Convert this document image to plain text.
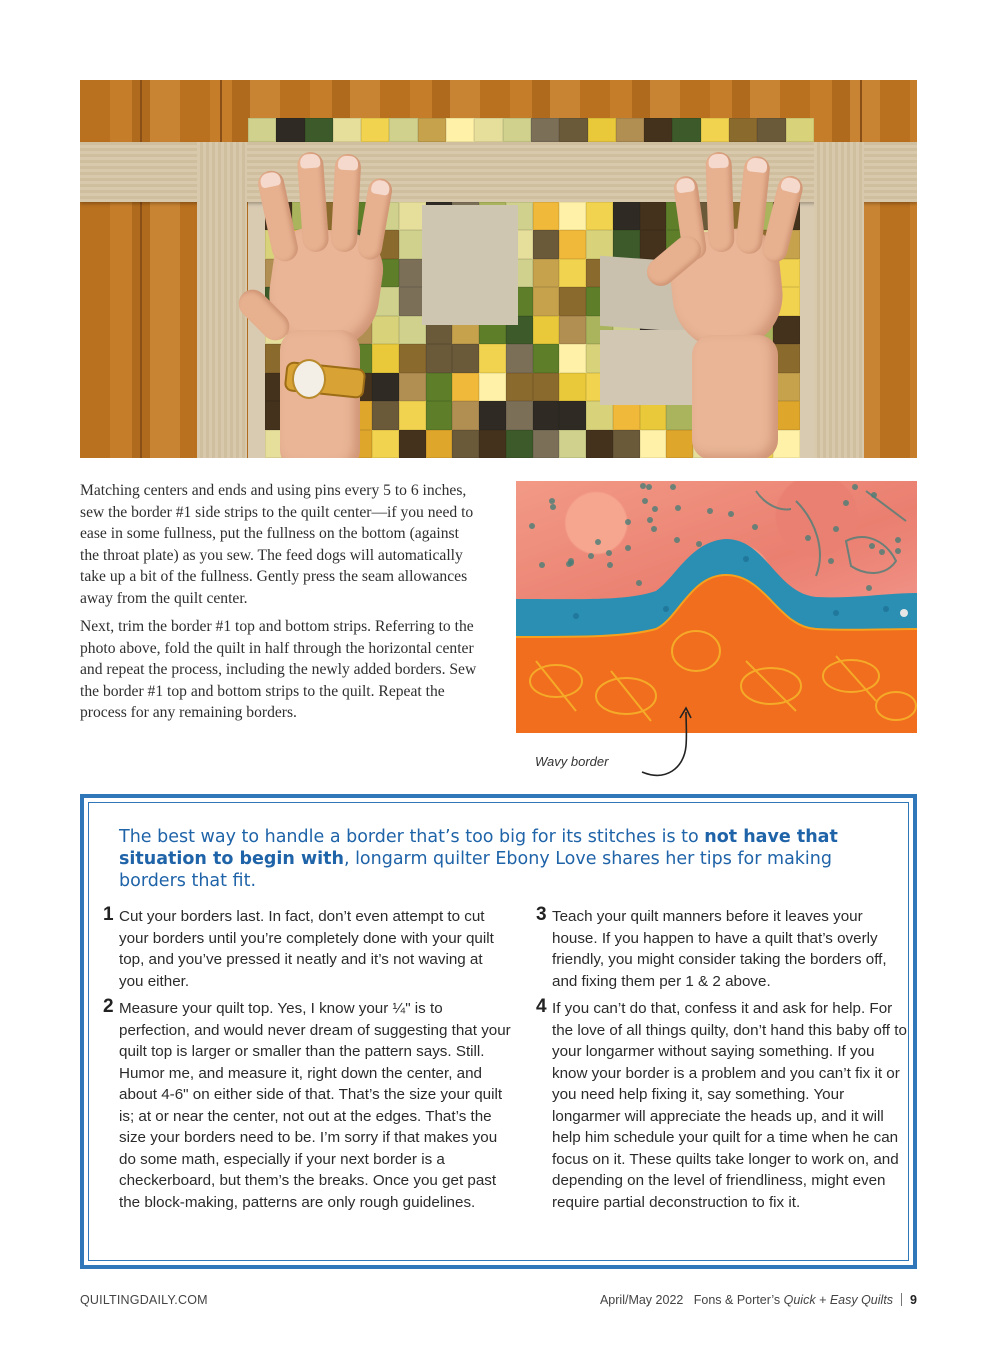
Matching centers and ends and using pins every 5 to 6 inches, sew the border #1 side strips to the quilt center—if you need to ease in some fullness, put the fullness on the bottom (against the throat plate) as you sew. The feed dogs will automatically take up a bit of the fullness. Gently press the seam allowances away from the quilt center.

Next, trim the border #1 top and bottom strips. Referring to the photo above, fold the quilt in half through the horizontal center and repeat the process, including the newly added borders. Sew the border #1 top and bottom strips to the quilt. Repeat the process for any remaining borders.

Wavy border
The best way to handle a border that’s too big for its stitches is to not have that situation to begin with, longarm quilter Ebony Love shares her tips for making borders that fit.
1 Cut your borders last. In fact, don’t even attempt to cut your borders until you’re completely done with your quilt top, and you’ve pressed it neatly and it’s not waving at you either.
2 Measure your quilt top. Yes, I know your ¼" is to perfection, and would never dream of suggesting that your quilt top is larger or smaller than the pattern says. Still. Humor me, and measure it, right down the center, and about 4-6" on either side of that. That’s the size your quilt is; at or near the center, not out at the edges. That’s the size your borders need to be. I’m sorry if that makes you do some math, especially if your next border is a checkerboard, but them’s the breaks. Once you get past the block-making, patterns are only rough guidelines.
3 Teach your quilt manners before it leaves your house. If you happen to have a quilt that’s overly friendly, you might consider taking the borders off, and fixing them per 1 & 2 above.
4 If you can’t do that, confess it and ask for help. For the love of all things quilty, don’t hand this baby off to your longarmer without saying something. If you know your border is a problem and you can’t fix it or you need help fixing it, say something. Your longarmer will appreciate the heads up, and it will help him schedule your quilt for a time when he can focus on it. These quilts take longer to work on, and depending on the level of friendliness, might even require partial deconstruction to fix it.
QUILTINGDAILY.COM	April/May 2022 Fons & Porter’s Quick + Easy Quilts 9
